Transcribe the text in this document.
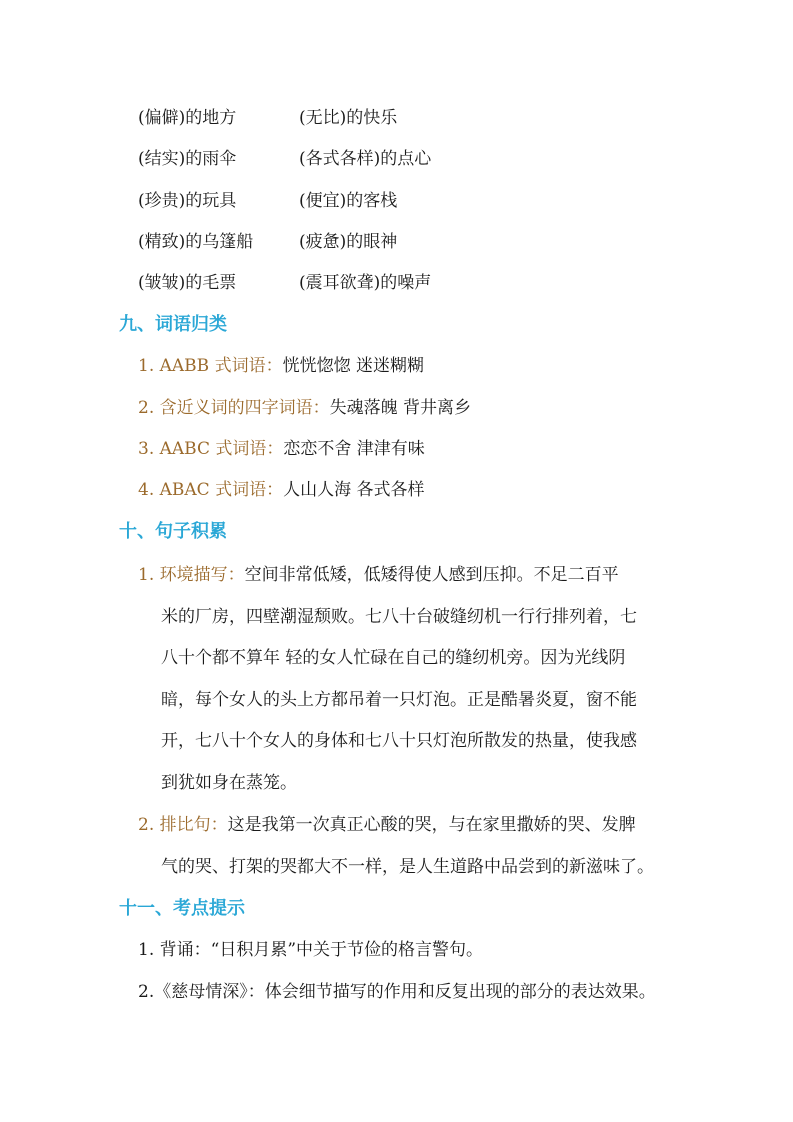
(偏僻)的地方	(无比)的快乐
(结实)的雨伞	(各式各样)的点心
(珍贵)的玩具	(便宜)的客栈
(精致)的乌篷船	(疲惫)的眼神
(皱皱)的毛票	(震耳欲聋)的噪声
九、词语归类
1. AABB 式词语：恍恍惚惚 迷迷糊糊
2. 含近义词的四字词语：失魂落魄 背井离乡
3. AABC 式词语：恋恋不舍 津津有味
4. ABAC 式词语：人山人海 各式各样
十、句子积累
1. 环境描写：空间非常低矮，低矮得使人感到压抑。不足二百平
米的厂房，四壁潮湿颓败。七八十台破缝纫机一行行排列着，七
八十个都不算年 轻的女人忙碌在自己的缝纫机旁。因为光线阴
暗，每个女人的头上方都吊着一只灯泡。正是酷暑炎夏，窗不能
开，七八十个女人的身体和七八十只灯泡所散发的热量，使我感
到犹如身在蒸笼。
2. 排比句：这是我第一次真正心酸的哭，与在家里撒娇的哭、发脾
气的哭、打架的哭都大不一样，是人生道路中品尝到的新滋味了。
十一、考点提示
1. 背诵：“日积月累”中关于节俭的格言警句。
2.《慈母情深》：体会细节描写的作用和反复出现的部分的表达效果。
